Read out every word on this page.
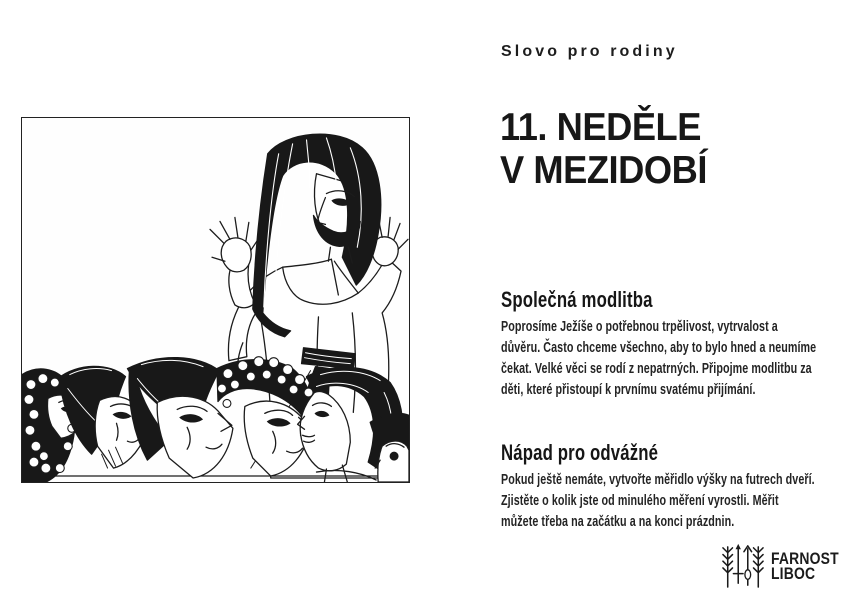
Slovo pro rodiny
11. NEDĚLE
V MEZIDOBÍ
Společná modlitba

Poprosíme Ježíše o potřebnou trpělivost, vytrvalost a důvěru. Často chceme všechno, aby to bylo hned a neumíme čekat. Velké věci se rodí z nepatrných. Připojme modlitbu za děti, které přistoupí k prvnímu svatému přijímání.

Nápad pro odvážné

Pokud ještě nemáte, vytvořte měřidlo výšky na futrech dveří. Zjistěte o kolik jste od minulého měření vyrostli. Měřit můžete třeba na začátku a na konci prázdnin.

FARNOST
LIBOC
